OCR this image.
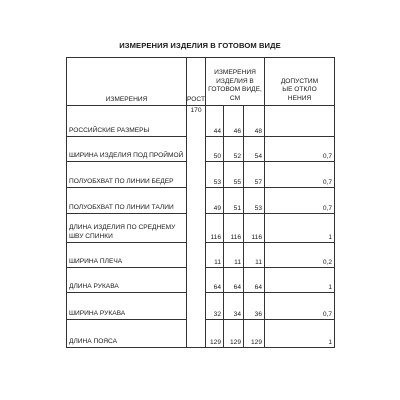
ИЗМЕРЕНИЯ ИЗДЕЛИЯ В ГОТОВОМ ВИДЕ
ИЗМЕРЕНИЯ	РОСТ	ИЗМЕРЕНИЯ ИЗДЕЛИЯ В ГОТОВОМ ВИДЕ, СМ			ДОПУСТИМЫЕ ОТКЛОНЕНИЯ
РОССИЙСКИЕ РАЗМЕРЫ	170	44	46	48	
ШИРИНА ИЗДЕЛИЯ ПОД ПРОЙМОЙ		50	52	54	0,7
ПОЛУОБХВАТ ПО ЛИНИИ БЕДЕР		53	55	57	0,7
ПОЛУОБХВАТ ПО ЛИНИИ ТАЛИИ		49	51	53	0,7
ДЛИНА ИЗДЕЛИЯ ПО СРЕДНЕМУ ШВУ СПИНКИ		116	116	116	1
ШИРИНА ПЛЕЧА		11	11	11	0,2
ДЛИНА РУКАВА		64	64	64	1
ШИРИНА РУКАВА		32	34	36	0,7
ДЛИНА ПОЯСА		129	129	129	1
